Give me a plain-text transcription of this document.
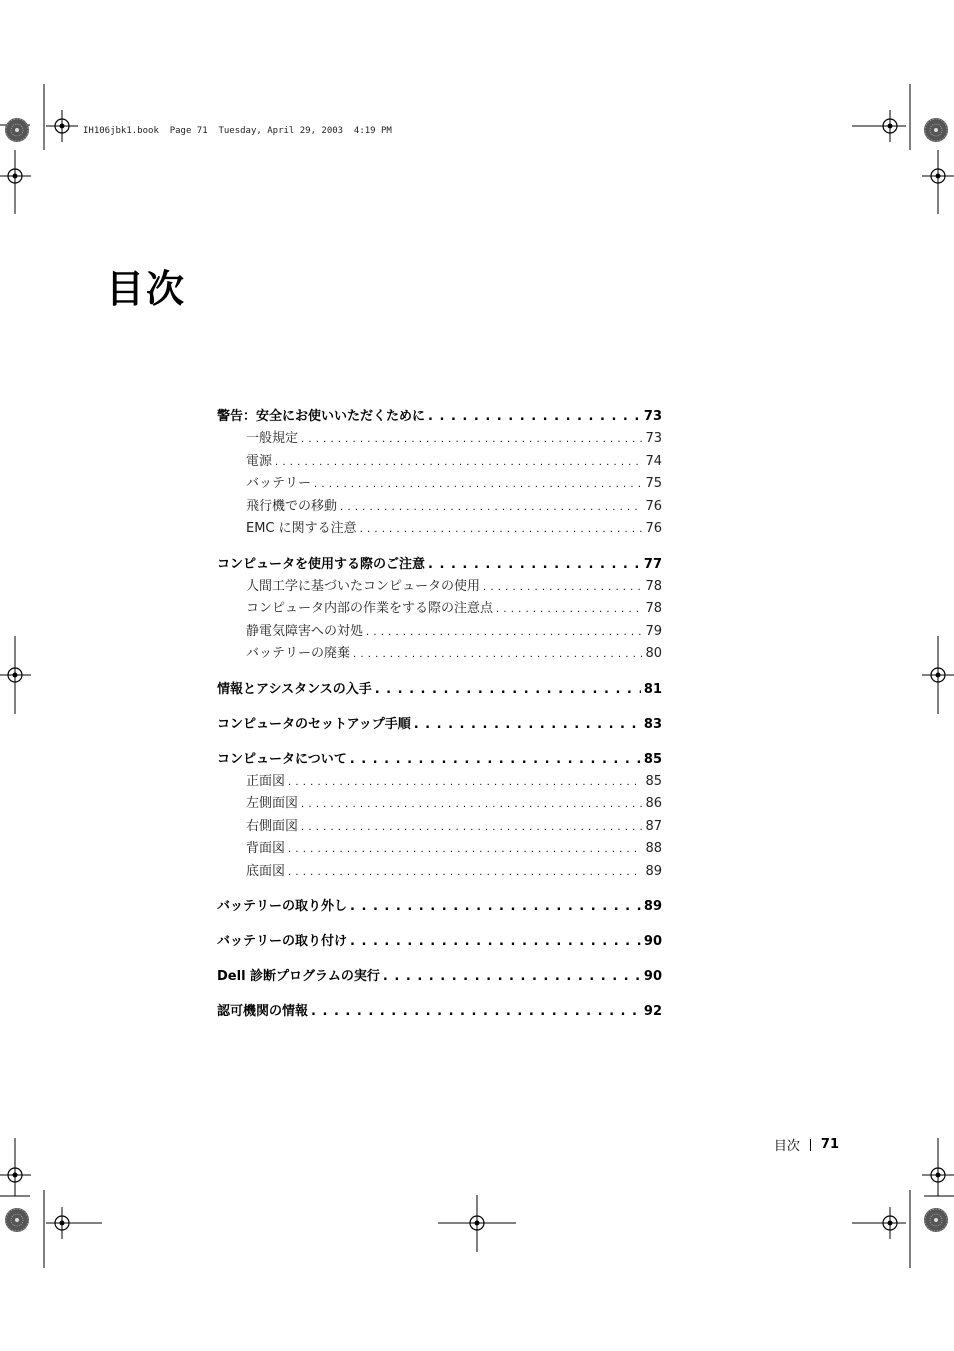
IH106jbk1.book  Page 71  Tuesday, April 29, 2003  4:19 PM
目次
警告：安全にお使いいただくために . . .	73
一般規定 . . .	73
電源 . . .	74
バッテリー . . .	75
飛行機での移動 . . .	76
EMC に関する注意 . . .	76
コンピュータを使用する際のご注意 . . .	77
人間工学に基づいたコンピュータの使用 . . .	78
コンピュータ内部の作業をする際の注意点 . . .	78
静電気障害への対処 . . .	79
バッテリーの廃棄 . . .	80
情報とアシスタンスの入手 . . .	81
コンピュータのセットアップ手順 . . .	83
コンピュータについて . . .	85
正面図 . . .	85
左側面図 . . .	86
右側面図 . . .	87
背面図 . . .	88
底面図 . . .	89
バッテリーの取り外し . . .	89
バッテリーの取り付け . . .	90
Dell 診断プログラムの実行 . . .	90
認可機関の情報 . . .	92
目次 71
